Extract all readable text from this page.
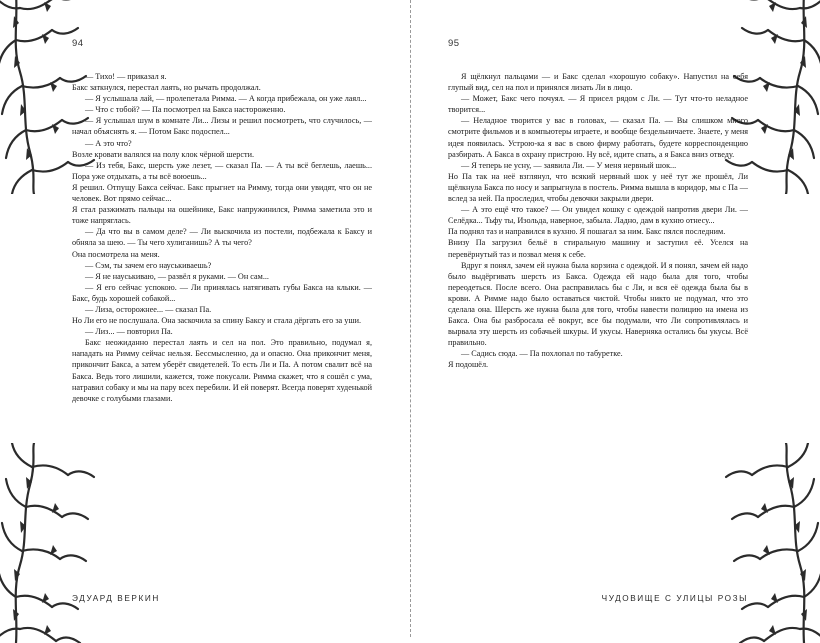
94

— Тихо! — приказал я.

Бакс заткнулся, перестал лаять, но рычать продолжал.

— Я услышала лай, — пролепетала Римма. — А когда прибежала, он уже лаял...

— Что с тобой? — Па посмотрел на Бакса настороженно.

— Я услышал шум в комнате Ли... Лизы и решил посмотреть, что случилось, — начал объяснять я. — Потом Бакс подоспел...

— А это что?

Возле кровати валялся на полу клок чёрной шерсти.

— Из тебя, Бакс, шерсть уже лезет, — сказал Па. — А ты всё беглешь, лаешь... Пора уже отдыхать, а ты всё воюешь...

Я решил. Отпущу Бакса сейчас. Бакс прыгнет на Римму, тогда они увидят, что он не человек. Вот прямо сейчас...

Я стал разжимать пальцы на ошейнике, Бакс напружинился, Римма заметила это и тоже напряглась.

— Да что вы в самом деле? — Ли выскочила из постели, подбежала к Баксу и обняла за шею. — Ты чего хулиганишь? А ты чего?

Она посмотрела на меня.

— Сэм, ты зачем его науськиваешь?

— Я не науськиваю, — развёл я руками. — Он сам...

— Я его сейчас успокою. — Ли принялась натягивать губы Бакса на клыки. — Бакс, будь хорошей собакой...

— Лиза, осторожнее... — сказал Па.

Но Ли его не послушала. Она заскочила за спину Баксу и стала дёргать его за уши.

— Лиз... — повторил Па.

Бакс неожиданно перестал лаять и сел на пол. Это правильно, подумал я, нападать на Римму сейчас нельзя. Бессмысленно, да и опасно. Она прикончит меня, прикончит Бакса, а затем уберёт свидетелей. То есть Ли и Па. А потом свалит всё на Бакса. Ведь того лишили, кажется, тоже покусали. Римма скажет, что я сошёл с ума, натравил собаку и мы на пару всех перебили. И ей поверят. Всегда поверят худенькой девочке с голубыми глазами.

ЭДУАРД ВЕРКИН
95

Я щёлкнул пальцами — и Бакс сделал «хорошую собаку». Напустил на себя глупый вид, сел на пол и принялся лизать Ли в лицо.

— Может, Бакс чего почуял. — Я присел рядом с Ли. — Тут что-то неладное творится...

— Неладное творится у вас в головах, — сказал Па. — Вы слишком много смотрите фильмов и в компьютеры играете, и вообще бездельничаете. Знаете, у меня идея появилась. Устрою-ка я вас в свою фирму работать, будете корреспонденцию разбирать. А Бакса в охрану пристрою. Ну всё, идите спать, а я Бакса вниз отведу.

— Я теперь не усну, — заявила Ли. — У меня нервный шок...

Но Па так на неё взглянул, что всякий нервный шок у неё тут же прошёл, Ли щёлкнула Бакса по носу и запрыгнула в постель. Римма вышла в коридор, мы с Па — вслед за ней. Па проследил, чтобы девочки закрыли двери.

— А это ещё что такое? — Он увидел кошку с одеждой напротив двери Ли. — Селёдка... Тьфу ты, Изольда, наверное, забыла. Ладно, дам в кухню отнесу...

Па поднял таз и направился в кухню. Я пошагал за ним. Бакс пялся последним.

Внизу Па загрузил бельё в стиральную машину и заступил её. Уселся на перевёрнутый таз и позвал меня к себе.

Вдруг я понял, зачем ей нужна была корзина с одеждой. И я понял, зачем ей надо было выдёргивать шерсть из Бакса. Одежда ей надо была для того, чтобы переодеться. После всего. Она расправилась бы с Ли, и вся её одежда была бы в крови. А Римме надо было оставаться чистой. Чтобы никто не подумал, что это сделала она. Шерсть же нужна была для того, чтобы навести полицию на имена из Бакса. Она бы разбросала её вокруг, все бы подумали, что Ли сопротивлялась и вырвала эту шерсть из собачьей шкуры. И укусы. Наверняка остались бы укусы. Всё правильно.

— Садись сюда. — Па похлопал по табуретке.

Я подошёл.

ЧУДОВИЩЕ С УЛИЦЫ РОЗЫ
